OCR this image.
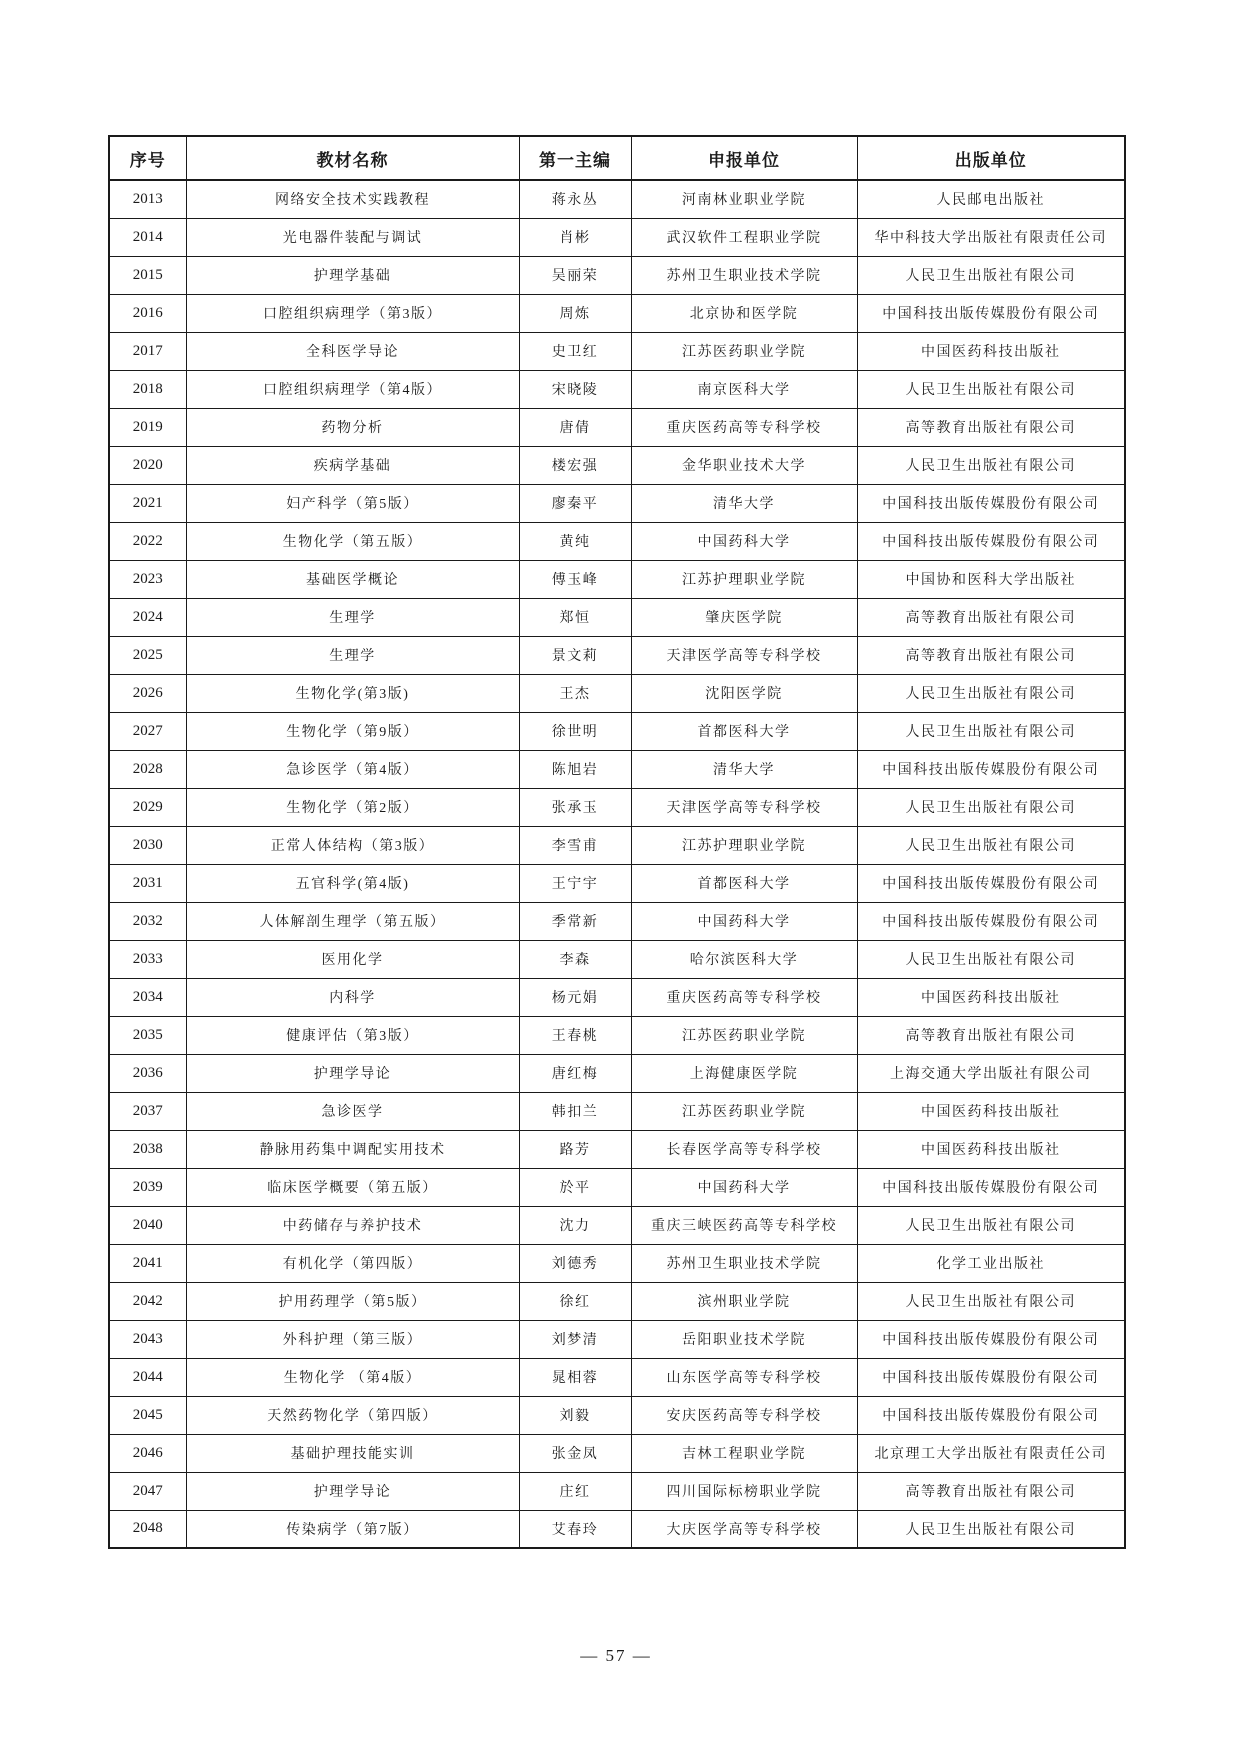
序号	教材名称	第一主编	申报单位	出版单位
2013	网络安全技术实践教程	蒋永丛	河南林业职业学院	人民邮电出版社
2014	光电器件装配与调试	肖彬	武汉软件工程职业学院	华中科技大学出版社有限责任公司
2015	护理学基础	吴丽荣	苏州卫生职业技术学院	人民卫生出版社有限公司
2016	口腔组织病理学（第3版）	周炼	北京协和医学院	中国科技出版传媒股份有限公司
2017	全科医学导论	史卫红	江苏医药职业学院	中国医药科技出版社
2018	口腔组织病理学（第4版）	宋晓陵	南京医科大学	人民卫生出版社有限公司
2019	药物分析	唐倩	重庆医药高等专科学校	高等教育出版社有限公司
2020	疾病学基础	楼宏强	金华职业技术大学	人民卫生出版社有限公司
2021	妇产科学（第5版）	廖秦平	清华大学	中国科技出版传媒股份有限公司
2022	生物化学（第五版）	黄纯	中国药科大学	中国科技出版传媒股份有限公司
2023	基础医学概论	傅玉峰	江苏护理职业学院	中国协和医科大学出版社
2024	生理学	郑恒	肇庆医学院	高等教育出版社有限公司
2025	生理学	景文莉	天津医学高等专科学校	高等教育出版社有限公司
2026	生物化学(第3版)	王杰	沈阳医学院	人民卫生出版社有限公司
2027	生物化学（第9版）	徐世明	首都医科大学	人民卫生出版社有限公司
2028	急诊医学（第4版）	陈旭岩	清华大学	中国科技出版传媒股份有限公司
2029	生物化学（第2版）	张承玉	天津医学高等专科学校	人民卫生出版社有限公司
2030	正常人体结构（第3版）	李雪甫	江苏护理职业学院	人民卫生出版社有限公司
2031	五官科学(第4版)	王宁宇	首都医科大学	中国科技出版传媒股份有限公司
2032	人体解剖生理学（第五版）	季常新	中国药科大学	中国科技出版传媒股份有限公司
2033	医用化学	李森	哈尔滨医科大学	人民卫生出版社有限公司
2034	内科学	杨元娟	重庆医药高等专科学校	中国医药科技出版社
2035	健康评估（第3版）	王春桃	江苏医药职业学院	高等教育出版社有限公司
2036	护理学导论	唐红梅	上海健康医学院	上海交通大学出版社有限公司
2037	急诊医学	韩扣兰	江苏医药职业学院	中国医药科技出版社
2038	静脉用药集中调配实用技术	路芳	长春医学高等专科学校	中国医药科技出版社
2039	临床医学概要（第五版）	於平	中国药科大学	中国科技出版传媒股份有限公司
2040	中药储存与养护技术	沈力	重庆三峡医药高等专科学校	人民卫生出版社有限公司
2041	有机化学（第四版）	刘德秀	苏州卫生职业技术学院	化学工业出版社
2042	护用药理学（第5版）	徐红	滨州职业学院	人民卫生出版社有限公司
2043	外科护理（第三版）	刘梦清	岳阳职业技术学院	中国科技出版传媒股份有限公司
2044	生物化学 （第4版）	晁相蓉	山东医学高等专科学校	中国科技出版传媒股份有限公司
2045	天然药物化学（第四版）	刘毅	安庆医药高等专科学校	中国科技出版传媒股份有限公司
2046	基础护理技能实训	张金凤	吉林工程职业学院	北京理工大学出版社有限责任公司
2047	护理学导论	庄红	四川国际标榜职业学院	高等教育出版社有限公司
2048	传染病学（第7版）	艾春玲	大庆医学高等专科学校	人民卫生出版社有限公司
— 57 —
